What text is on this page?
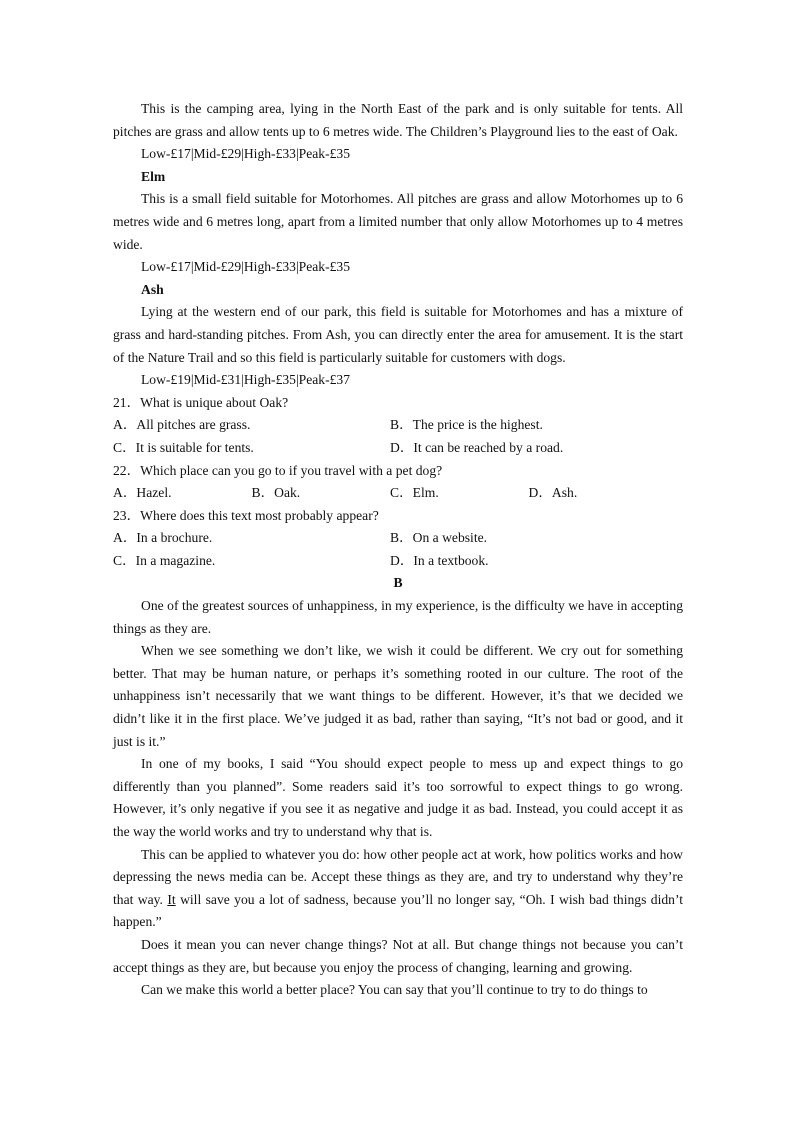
This is the camping area, lying in the North East of the park and is only suitable for tents. All pitches are grass and allow tents up to 6 metres wide. The Children’s Playground lies to the east of Oak.

Low-£17|Mid-£29|High-£33|Peak-£35

Elm

This is a small field suitable for Motorhomes. All pitches are grass and allow Motorhomes up to 6 metres wide and 6 metres long, apart from a limited number that only allow Motorhomes up to 4 metres wide.

Low-£17|Mid-£29|High-£33|Peak-£35

Ash

Lying at the western end of our park, this field is suitable for Motorhomes and has a mixture of grass and hard-standing pitches. From Ash, you can directly enter the area for amusement. It is the start of the Nature Trail and so this field is particularly suitable for customers with dogs.

Low-£19|Mid-£31|High-£35|Peak-£37

21．What is unique about Oak?

A．All pitches are grass.	B．The price is the highest.
C．It is suitable for tents.	D．It can be reached by a road.

22．Which place can you go to if you travel with a pet dog?

A．Hazel.	B．Oak.	C．Elm.	D．Ash.

23．Where does this text most probably appear?

A．In a brochure.	B．On a website.
C．In a magazine.	D．In a textbook.

B

One of the greatest sources of unhappiness, in my experience, is the difficulty we have in accepting things as they are.

When we see something we don’t like, we wish it could be different. We cry out for something better. That may be human nature, or perhaps it’s something rooted in our culture. The root of the unhappiness isn’t necessarily that we want things to be different. However, it’s that we decided we didn’t like it in the first place. We’ve judged it as bad, rather than saying, “It’s not bad or good, and it just is it.”

In one of my books, I said “You should expect people to mess up and expect things to go differently than you planned”. Some readers said it’s too sorrowful to expect things to go wrong. However, it’s only negative if you see it as negative and judge it as bad. Instead, you could accept it as the way the world works and try to understand why that is.

This can be applied to whatever you do: how other people act at work, how politics works and how depressing the news media can be. Accept these things as they are, and try to understand why they’re that way. It will save you a lot of sadness, because you’ll no longer say, “Oh. I wish bad things didn’t happen.”

Does it mean you can never change things? Not at all. But change things not because you can’t accept things as they are, but because you enjoy the process of changing, learning and growing.

Can we make this world a better place? You can say that you’ll continue to try to do things to
